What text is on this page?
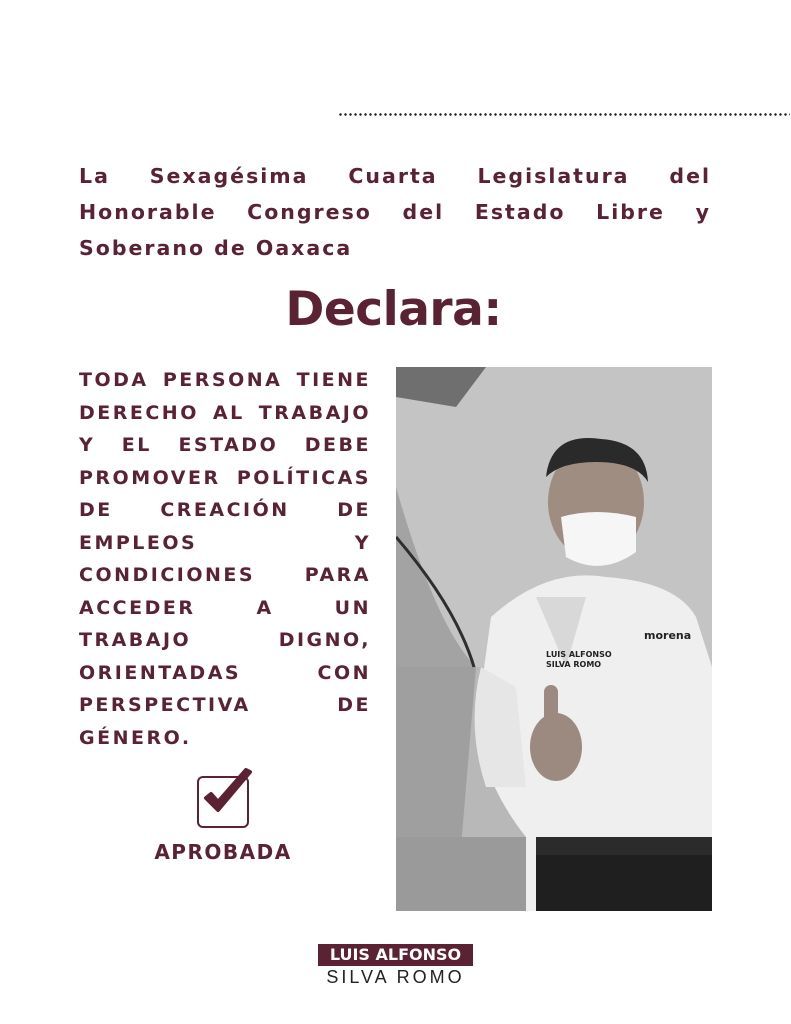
La Sexagésima Cuarta Legislatura del Honorable Congreso del Estado Libre y Soberano de Oaxaca
Declara:
TODA PERSONA TIENE DERECHO AL TRABAJO Y EL ESTADO DEBE PROMOVER POLÍTICAS DE CREACIÓN DE EMPLEOS Y CONDICIONES PARA ACCEDER A UN TRABAJO DIGNO, ORIENTADAS CON PERSPECTIVA DE GÉNERO.
morena
LUIS ALFONSO
SILVA ROMO
APROBADA
LUIS ALFONSO
SILVA ROMO
